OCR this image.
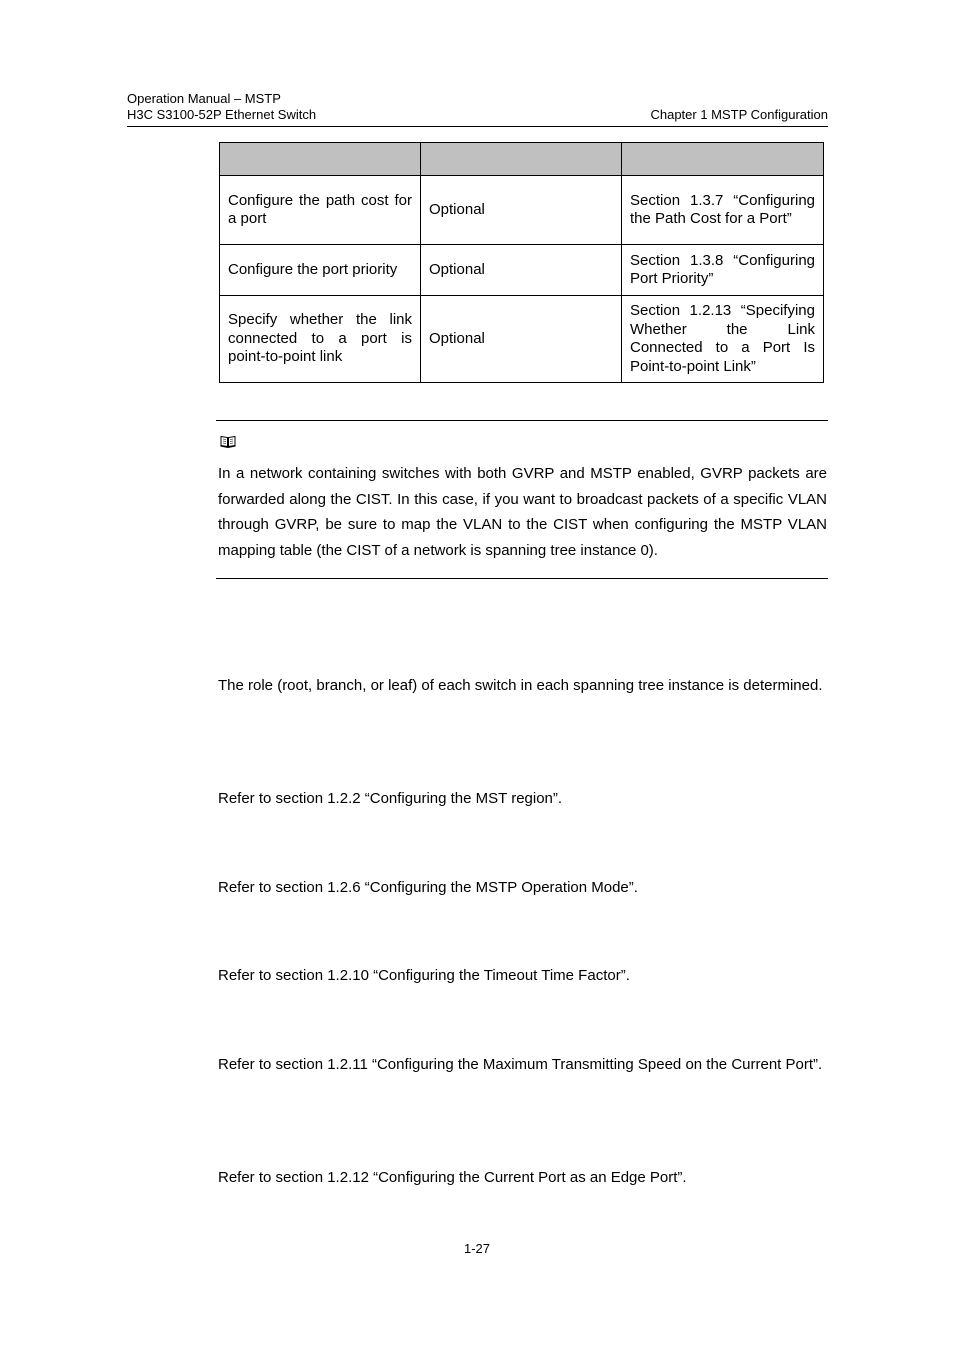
Operation Manual – MSTP
H3C S3100-52P Ethernet Switch	Chapter 1 MSTP Configuration

Configure the path cost for a port	Optional	Section 1.3.7 “Configuring the Path Cost for a Port”
Configure the port priority	Optional	Section 1.3.8 “Configuring Port Priority”
Specify whether the link connected to a port is point-to-point link	Optional	Section 1.2.13 “Specifying Whether the Link Connected to a Port Is Point-to-point Link”
In a network containing switches with both GVRP and MSTP enabled, GVRP packets are forwarded along the CIST. In this case, if you want to broadcast packets of a specific VLAN through GVRP, be sure to map the VLAN to the CIST when configuring the MSTP VLAN mapping table (the CIST of a network is spanning tree instance 0).
The role (root, branch, or leaf) of each switch in each spanning tree instance is determined.
Refer to section 1.2.2 “Configuring the MST region”.
Refer to section 1.2.6 “Configuring the MSTP Operation Mode”.
Refer to section 1.2.10 “Configuring the Timeout Time Factor”.
Refer to section 1.2.11 “Configuring the Maximum Transmitting Speed on the Current Port”.
Refer to section 1.2.12 “Configuring the Current Port as an Edge Port”.
1-27
